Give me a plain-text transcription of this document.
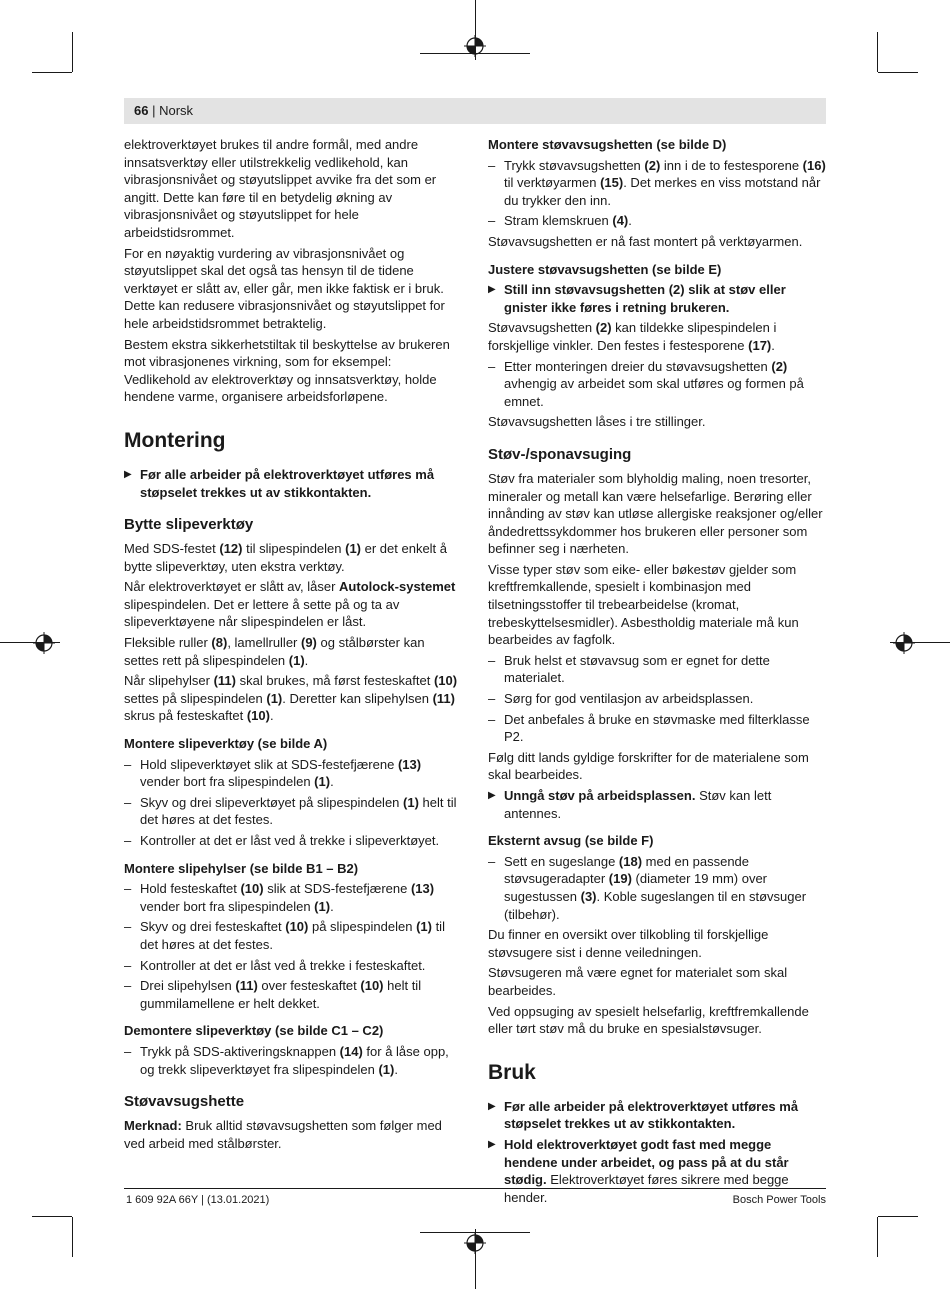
66 | Norsk

elektroverktøyet brukes til andre formål, med andre innsatsverktøy eller utilstrekkelig vedlikehold, kan vibrasjonsnivået og støyutslippet avvike fra det som er angitt. Dette kan føre til en betydelig økning av vibrasjonsnivået og støyutslippet for hele arbeidstidsrommet.

For en nøyaktig vurdering av vibrasjonsnivået og støyutslippet skal det også tas hensyn til de tidene verktøyet er slått av, eller går, men ikke faktisk er i bruk. Dette kan redusere vibrasjonsnivået og støyutslippet for hele arbeidstidsrommet betraktelig.

Bestem ekstra sikkerhetstiltak til beskyttelse av brukeren mot vibrasjonenes virkning, som for eksempel: Vedlikehold av elektroverktøy og innsatsverktøy, holde hendene varme, organisere arbeidsforløpene.

Montering

▶ Før alle arbeider på elektroverktøyet utføres må støpselet trekkes ut av stikkontakten.

Bytte slipeverktøy

Med SDS-festet (12) til slipespindelen (1) er det enkelt å bytte slipeverktøy, uten ekstra verktøy.

Når elektroverktøyet er slått av, låser Autolock-systemet slipespindelen. Det er lettere å sette på og ta av slipeverktøyene når slipespindelen er låst.

Fleksible ruller (8), lamellruller (9) og stålbørster kan settes rett på slipespindelen (1).

Når slipehylser (11) skal brukes, må først festeskaftet (10) settes på slipespindelen (1). Deretter kan slipehylsen (11) skrus på festeskaftet (10).

Montere slipeverktøy (se bilde A)

– Hold slipeverktøyet slik at SDS-festefjærene (13) vender bort fra slipespindelen (1).

– Skyv og drei slipeverktøyet på slipespindelen (1) helt til det høres at det festes.

– Kontroller at det er låst ved å trekke i slipeverktøyet.

Montere slipehylser (se bilde B1 – B2)

– Hold festeskaftet (10) slik at SDS-festefjærene (13) vender bort fra slipespindelen (1).

– Skyv og drei festeskaftet (10) på slipespindelen (1) til det høres at det festes.

– Kontroller at det er låst ved å trekke i festeskaftet.

– Drei slipehylsen (11) over festeskaftet (10) helt til gummilamellene er helt dekket.

Demontere slipeverktøy (se bilde C1 – C2)

– Trykk på SDS-aktiveringsknappen (14) for å låse opp, og trekk slipeverktøyet fra slipespindelen (1).

Støvavsugshette

Merknad: Bruk alltid støvavsugshetten som følger med ved arbeid med stålbørster.

Montere støvavsugshetten (se bilde D)

– Trykk støvavsugshetten (2) inn i de to festesporene (16) til verktøyarmen (15). Det merkes en viss motstand når du trykker den inn.

– Stram klemskruen (4).

Støvavsugshetten er nå fast montert på verktøyarmen.

Justere støvavsugshetten (se bilde E)

▶ Still inn støvavsugshetten (2) slik at støv eller gnister ikke føres i retning brukeren.

Støvavsugshetten (2) kan tildekke slipespindelen i forskjellige vinkler. Den festes i festesporene (17).

– Etter monteringen dreier du støvavsugshetten (2) avhengig av arbeidet som skal utføres og formen på emnet.

Støvavsugshetten låses i tre stillinger.

Støv-/sponavsuging

Støv fra materialer som blyholdig maling, noen tresorter, mineraler og metall kan være helsefarlige. Berøring eller innånding av støv kan utløse allergiske reaksjoner og/eller åndedrettssykdommer hos brukeren eller personer som befinner seg i nærheten.

Visse typer støv som eike- eller bøkestøv gjelder som kreftfremkallende, spesielt i kombinasjon med tilsetningsstoffer til trebearbeidelse (kromat, trebeskyttelsesmidler). Asbestholdig materiale må kun bearbeides av fagfolk.

– Bruk helst et støvavsug som er egnet for dette materialet.

– Sørg for god ventilasjon av arbeidsplassen.

– Det anbefales å bruke en støvmaske med filterklasse P2.

Følg ditt lands gyldige forskrifter for de materialene som skal bearbeides.

▶ Unngå støv på arbeidsplassen. Støv kan lett antennes.

Eksternt avsug (se bilde F)

– Sett en sugeslange (18) med en passende støvsugeradapter (19) (diameter 19 mm) over sugestussen (3). Koble sugeslangen til en støvsuger (tilbehør).

Du finner en oversikt over tilkobling til forskjellige støvsugere sist i denne veiledningen.

Støvsugeren må være egnet for materialet som skal bearbeides.

Ved oppsuging av spesielt helsefarlig, kreftfremkallende eller tørt støv må du bruke en spesialstøvsuger.

Bruk

▶ Før alle arbeider på elektroverktøyet utføres må støpselet trekkes ut av stikkontakten.

▶ Hold elektroverktøyet godt fast med megge hendene under arbeidet, og pass på at du står stødig. Elektroverktøyet føres sikrere med begge hender.

1 609 92A 66Y | (13.01.2021)	Bosch Power Tools
